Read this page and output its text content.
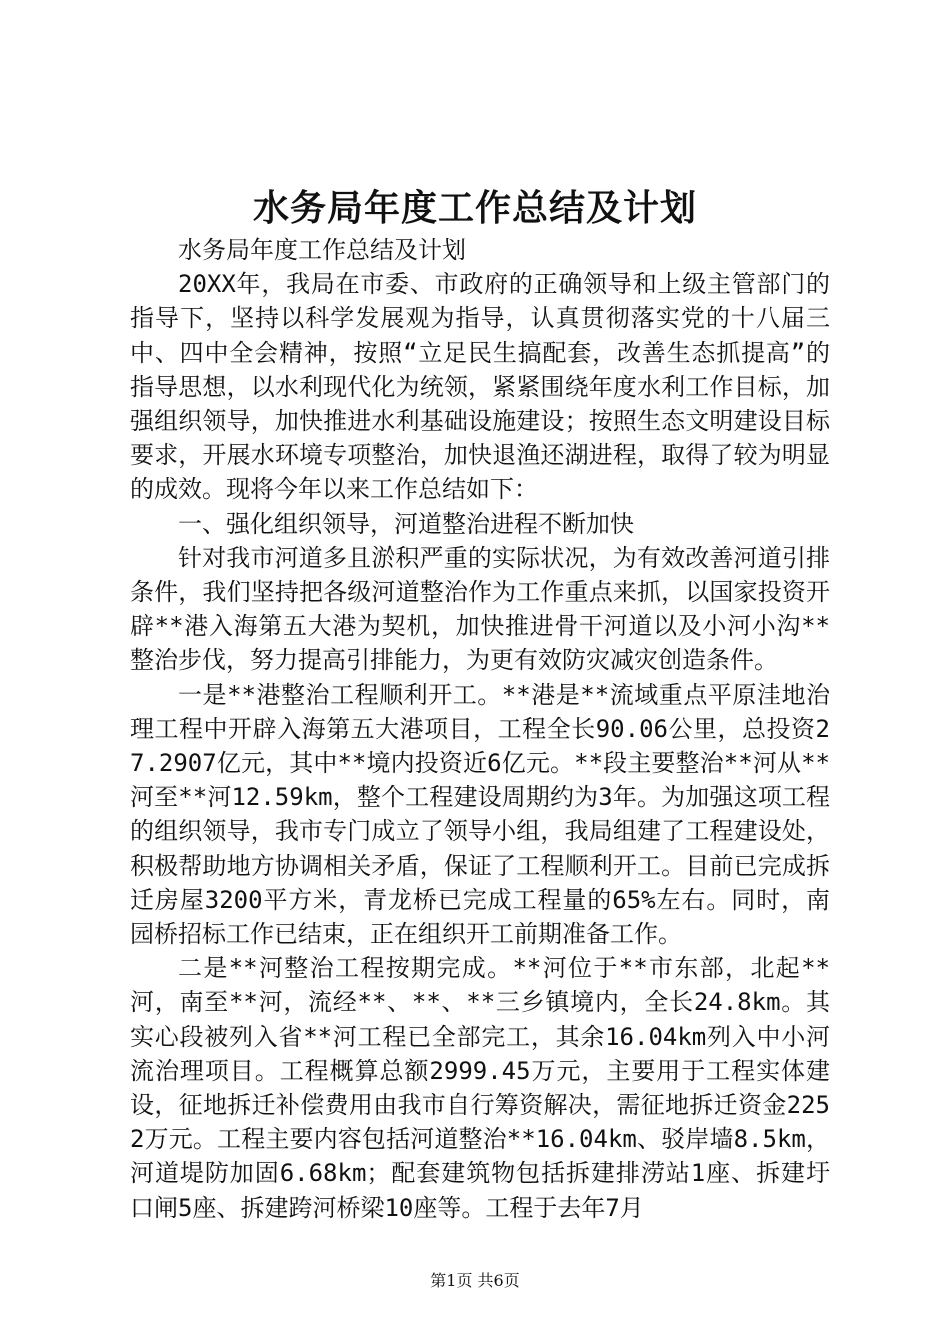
水务局年度工作总结及计划

水务局年度工作总结及计划

20XX年，我局在市委、市政府的正确领导和上级主管部门的指导下，坚持以科学发展观为指导，认真贯彻落实党的十八届三中、四中全会精神，按照“立足民生搞配套，改善生态抓提高”的指导思想，以水利现代化为统领，紧紧围绕年度水利工作目标，加强组织领导，加快推进水利基础设施建设；按照生态文明建设目标要求，开展水环境专项整治，加快退渔还湖进程，取得了较为明显的成效。现将今年以来工作总结如下：

一、强化组织领导，河道整治进程不断加快

针对我市河道多且淤积严重的实际状况，为有效改善河道引排条件，我们坚持把各级河道整治作为工作重点来抓，以国家投资开辟**港入海第五大港为契机，加快推进骨干河道以及小河小沟**整治步伐，努力提高引排能力，为更有效防灾减灾创造条件。

一是**港整治工程顺利开工。**港是**流域重点平原洼地治理工程中开辟入海第五大港项目，工程全长90.06公里，总投资27.2907亿元，其中**境内投资近6亿元。**段主要整治**河从**河至**河12.59km，整个工程建设周期约为3年。为加强这项工程的组织领导，我市专门成立了领导小组，我局组建了工程建设处，积极帮助地方协调相关矛盾，保证了工程顺利开工。目前已完成拆迁房屋3200平方米，青龙桥已完成工程量的65%左右。同时，南园桥招标工作已结束，正在组织开工前期准备工作。

二是**河整治工程按期完成。**河位于**市东部，北起**河，南至**河，流经**、**、**三乡镇境内，全长24.8km。其实心段被列入省**河工程已全部完工，其余16.04km列入中小河流治理项目。工程概算总额2999.45万元，主要用于工程实体建设，征地拆迁补偿费用由我市自行筹资解决，需征地拆迁资金2252万元。工程主要内容包括河道整治**16.04km、驳岸墙8.5km，河道堤防加固6.68km；配套建筑物包括拆建排涝站1座、拆建圩口闸5座、拆建跨河桥梁10座等。工程于去年7月

第1页 共6页
